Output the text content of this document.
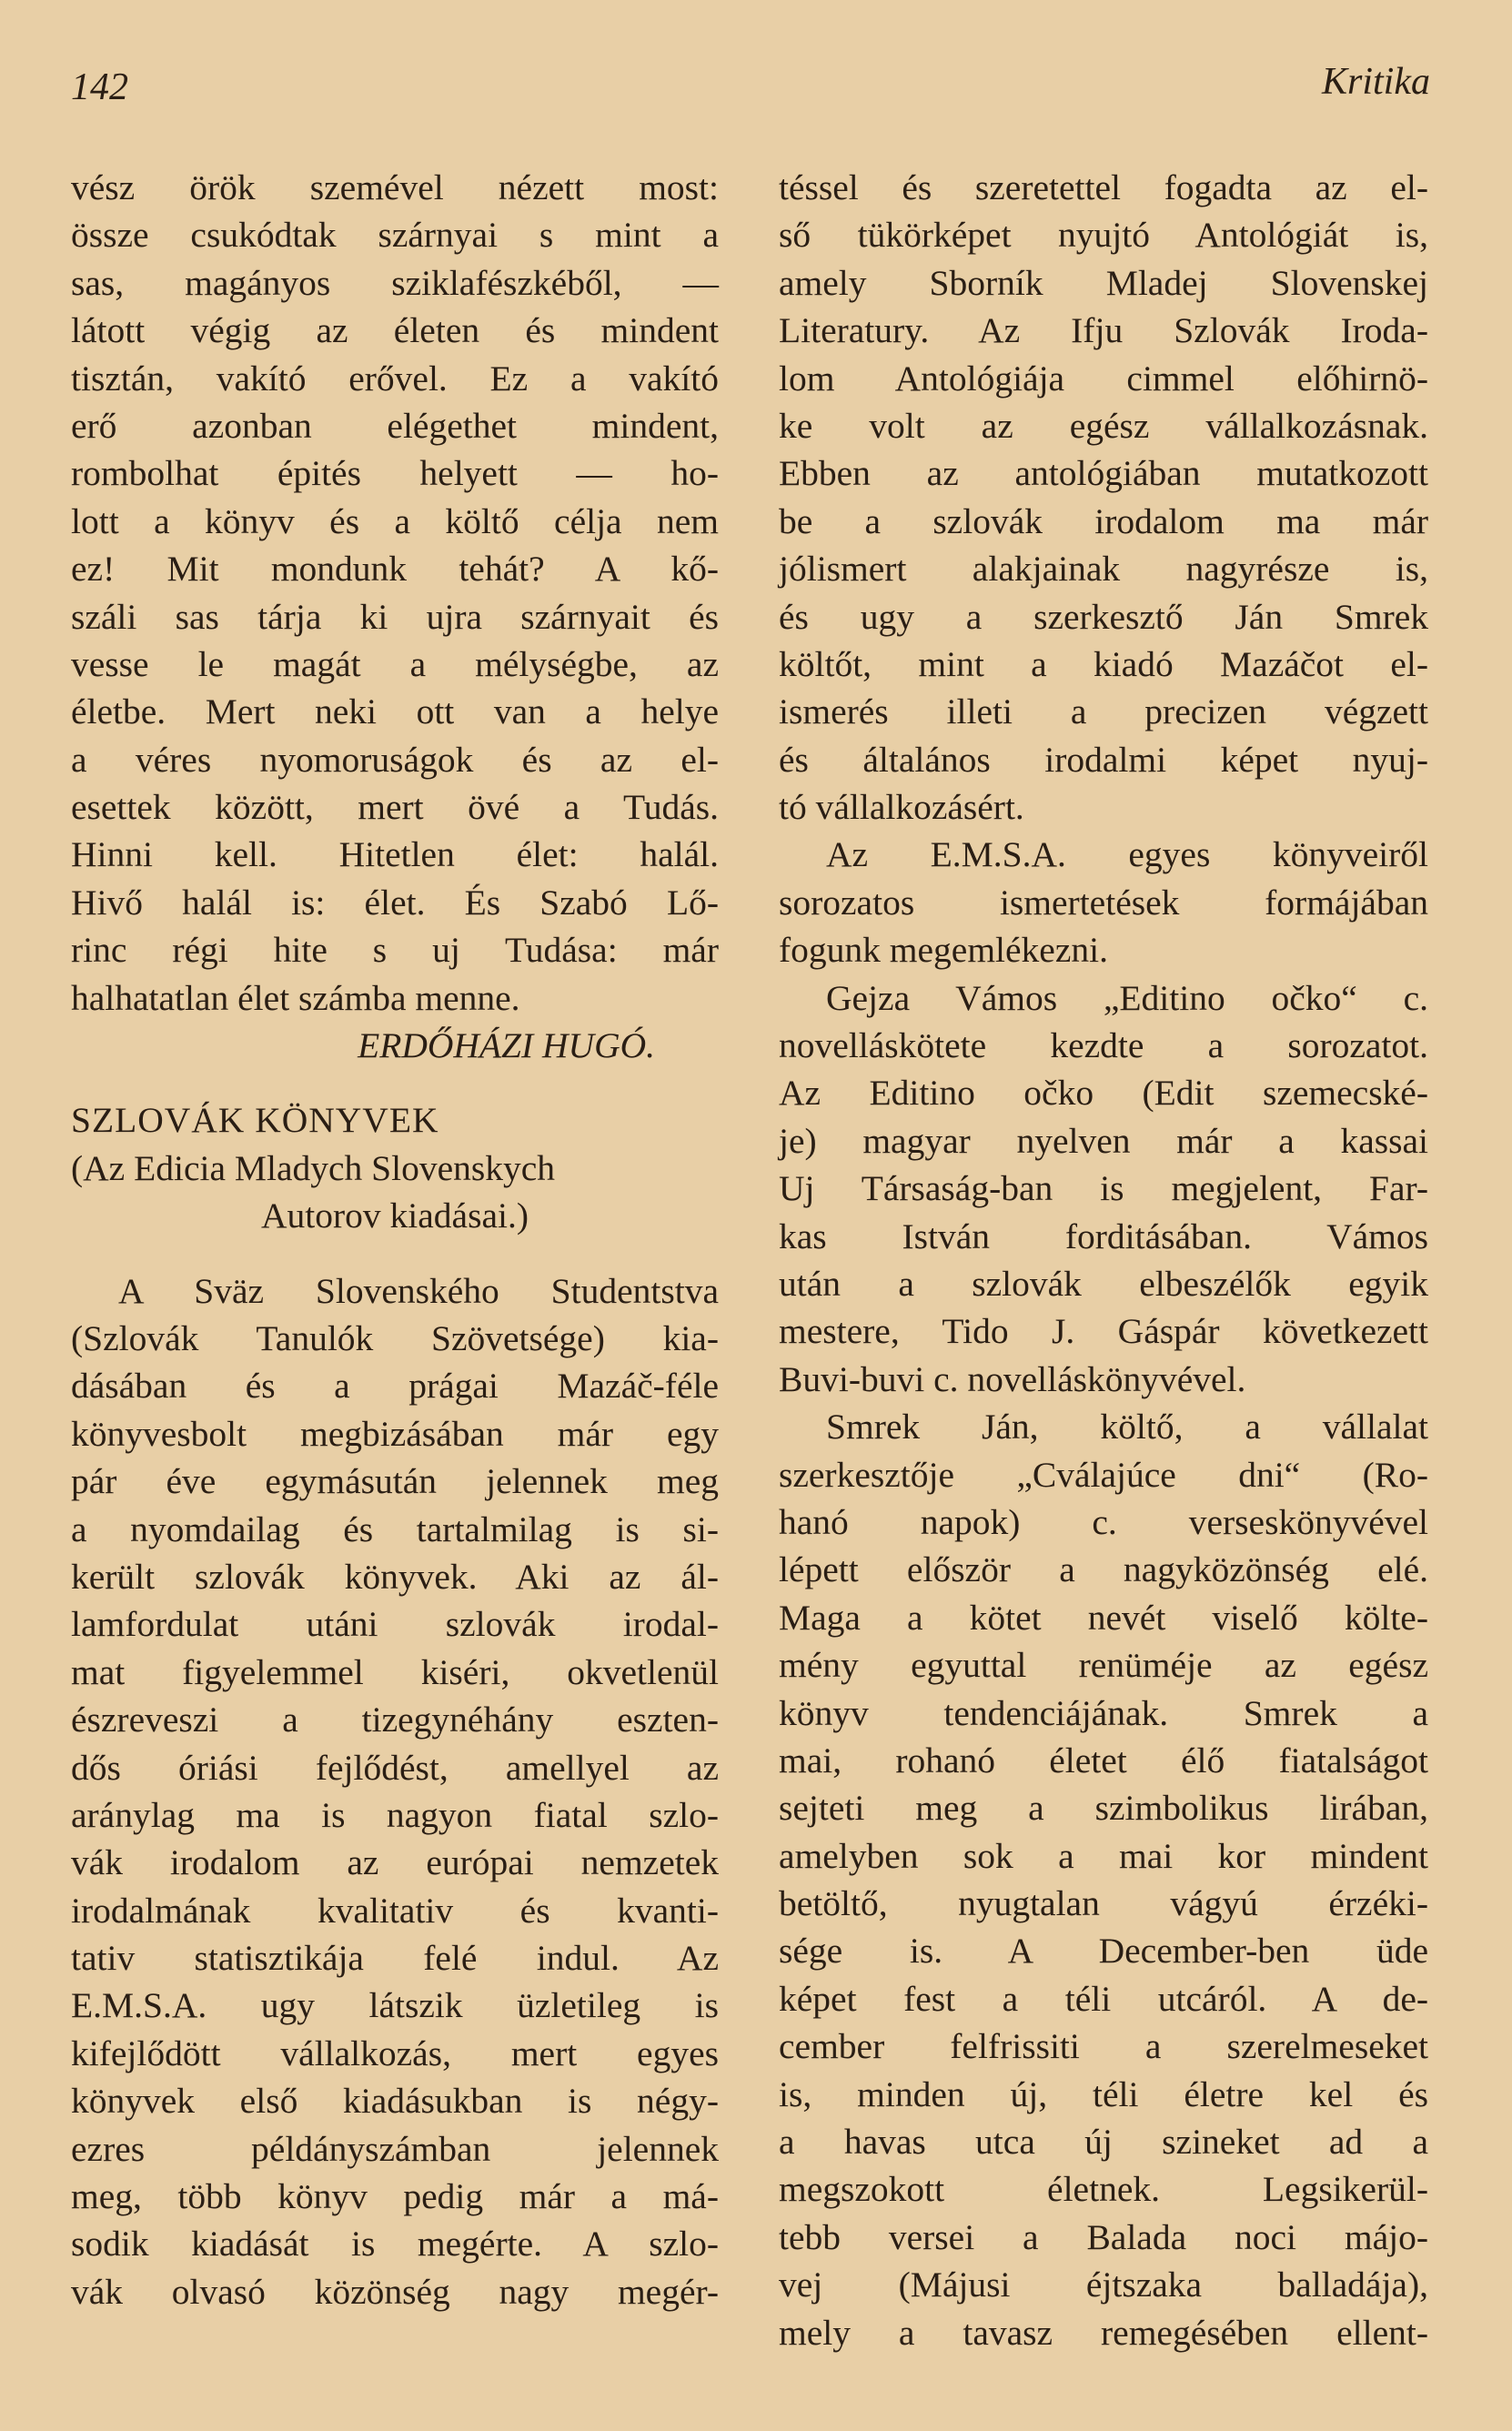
142	Kritika
vész örök szemével nézett most:
össze csukódtak szárnyai s mint a
sas, magányos sziklafészkéből, —
látott végig az életen és mindent
tisztán, vakító erővel. Ez a vakító
erő azonban elégethet mindent,
rombolhat épités helyett — ho-
lott a könyv és a költő célja nem
ez! Mit mondunk tehát? A kő-
száli sas tárja ki ujra szárnyait és
vesse le magát a mélységbe, az
életbe. Mert neki ott van a helye
a véres nyomoruságok és az el-
esettek között, mert övé a Tudás.
Hinni kell. Hitetlen élet: halál.
Hivő halál is: élet. És Szabó Lő-
rinc régi hite s uj Tudása: már
halhatatlan élet számba menne.
ERDŐHÁZI HUGÓ.
SZLOVÁK KÖNYVEK
(Az Edicia Mladych Slovenskych
Autorov kiadásai.)
A Sväz Slovenského Studentstva
(Szlovák Tanulók Szövetsége) kia-
dásában és a prágai Mazáč-féle
könyvesbolt megbizásában már egy
pár éve egymásután jelennek meg
a nyomdailag és tartalmilag is si-
került szlovák könyvek. Aki az ál-
lamfordulat utáni szlovák irodal-
mat figyelemmel kiséri, okvetlenül
észreveszi a tizegynéhány eszten-
dős óriási fejlődést, amellyel az
aránylag ma is nagyon fiatal szlo-
vák irodalom az európai nemzetek
irodalmának kvalitativ és kvanti-
tativ statisztikája felé indul. Az
E.M.S.A. ugy látszik üzletileg is
kifejlődött vállalkozás, mert egyes
könyvek első kiadásukban is négy-
ezres példányszámban jelennek
meg, több könyv pedig már a má-
sodik kiadását is megérte. A szlo-
vák olvasó közönség nagy megér-
téssel és szeretettel fogadta az el-
ső tükörképet nyujtó Antológiát is,
amely Sborník Mladej Slovenskej
Literatury. Az Ifju Szlovák Iroda-
lom Antológiája cimmel előhirnö-
ke volt az egész vállalkozásnak.
Ebben az antológiában mutatkozott
be a szlovák irodalom ma már
jólismert alakjainak nagyrésze is,
és ugy a szerkesztő Ján Smrek
költőt, mint a kiadó Mazáčot el-
ismerés illeti a precizen végzett
és általános irodalmi képet nyuj-
tó vállalkozásért.
Az E.M.S.A. egyes könyveiről
sorozatos ismertetések formájában
fogunk megemlékezni.
Gejza Vámos „Editino očko“ c.
novelláskötete kezdte a sorozatot.
Az Editino očko (Edit szemecské-
je) magyar nyelven már a kassai
Uj Társaság-ban is megjelent, Far-
kas István forditásában. Vámos
után a szlovák elbeszélők egyik
mestere, Tido J. Gáspár következett
Buvi-buvi c. novelláskönyvével.
Smrek Ján, költő, a vállalat
szerkesztője „Cválajúce dni“ (Ro-
hanó napok) c. verseskönyvével
lépett először a nagyközönség elé.
Maga a kötet nevét viselő költe-
mény egyuttal renüméje az egész
könyv tendenciájának. Smrek a
mai, rohanó életet élő fiatalságot
sejteti meg a szimbolikus lirában,
amelyben sok a mai kor mindent
betöltő, nyugtalan vágyú érzéki-
sége is. A December-ben üde
képet fest a téli utcáról. A de-
cember felfrissiti a szerelmeseket
is, minden új, téli életre kel és
a havas utca új szineket ad a
megszokott életnek. Legsikerül-
tebb versei a Balada noci májo-
vej (Májusi éjtszaka balladája),
mely a tavasz remegésében ellent-
